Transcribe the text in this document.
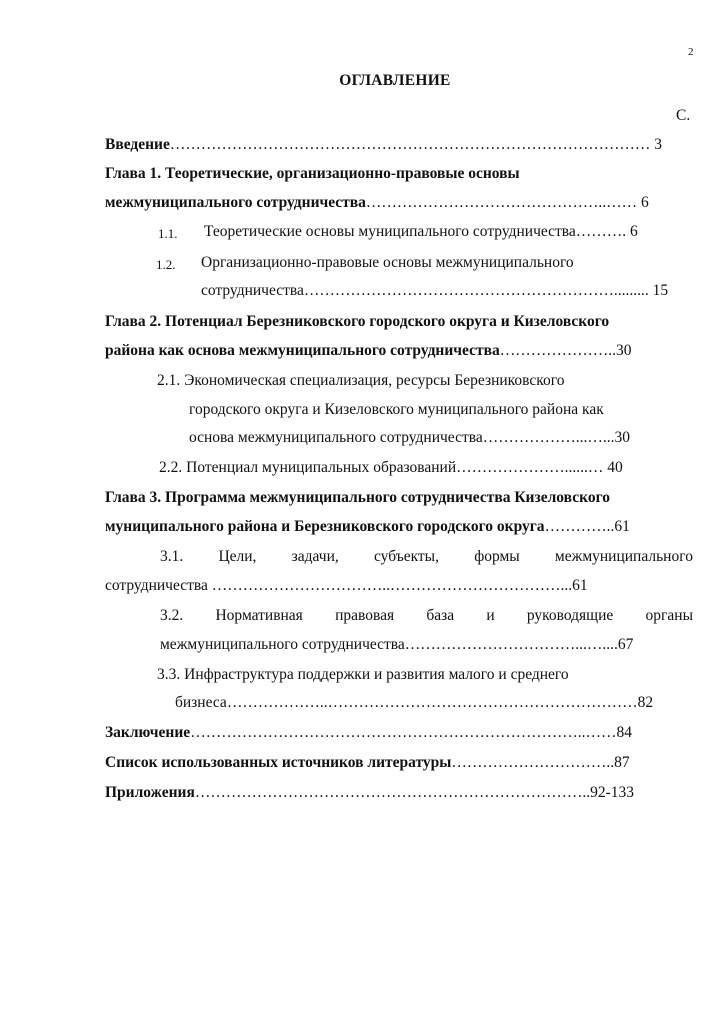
2
ОГЛАВЛЕНИЕ
С.
Введение………………………………………………………………………………… 3
Глава 1. Теоретические, организационно-правовые основы
межмуниципального сотрудничества………………………………………..…… 6
1.1. Теоретические основы муниципального сотрудничества………. 6
1.2. Организационно-правовые основы межмуниципального
сотрудничества……………………………………………………......... 15
Глава 2. Потенциал Березниковского городского округа и Кизеловского
района как основа межмуниципального сотрудничества…………………..30
2.1. Экономическая специализация, ресурсы Березниковского
городского округа и Кизеловского муниципального района как
основа межмуниципального сотрудничества………………...…...30
2.2. Потенциал муниципальных образований…………………......… 40
Глава 3. Программа межмуниципального сотрудничества Кизеловского
муниципального района и Березниковского городского округа…………..61
3.1. Цели, задачи, субъекты, формы межмуниципального
сотрудничества ……………………………..……………………………...61
3.2. Нормативная правовая база и руководящие органы
межмуниципального сотрудничества……………………………...…....67
3.3. Инфраструктура поддержки и развития малого и среднего
бизнеса………………..……………………………………………………82
Заключение…………………………………………………………………..……84
Список использованных источников литературы…………………………..87
Приложения…………………………………………………………………..92-133
